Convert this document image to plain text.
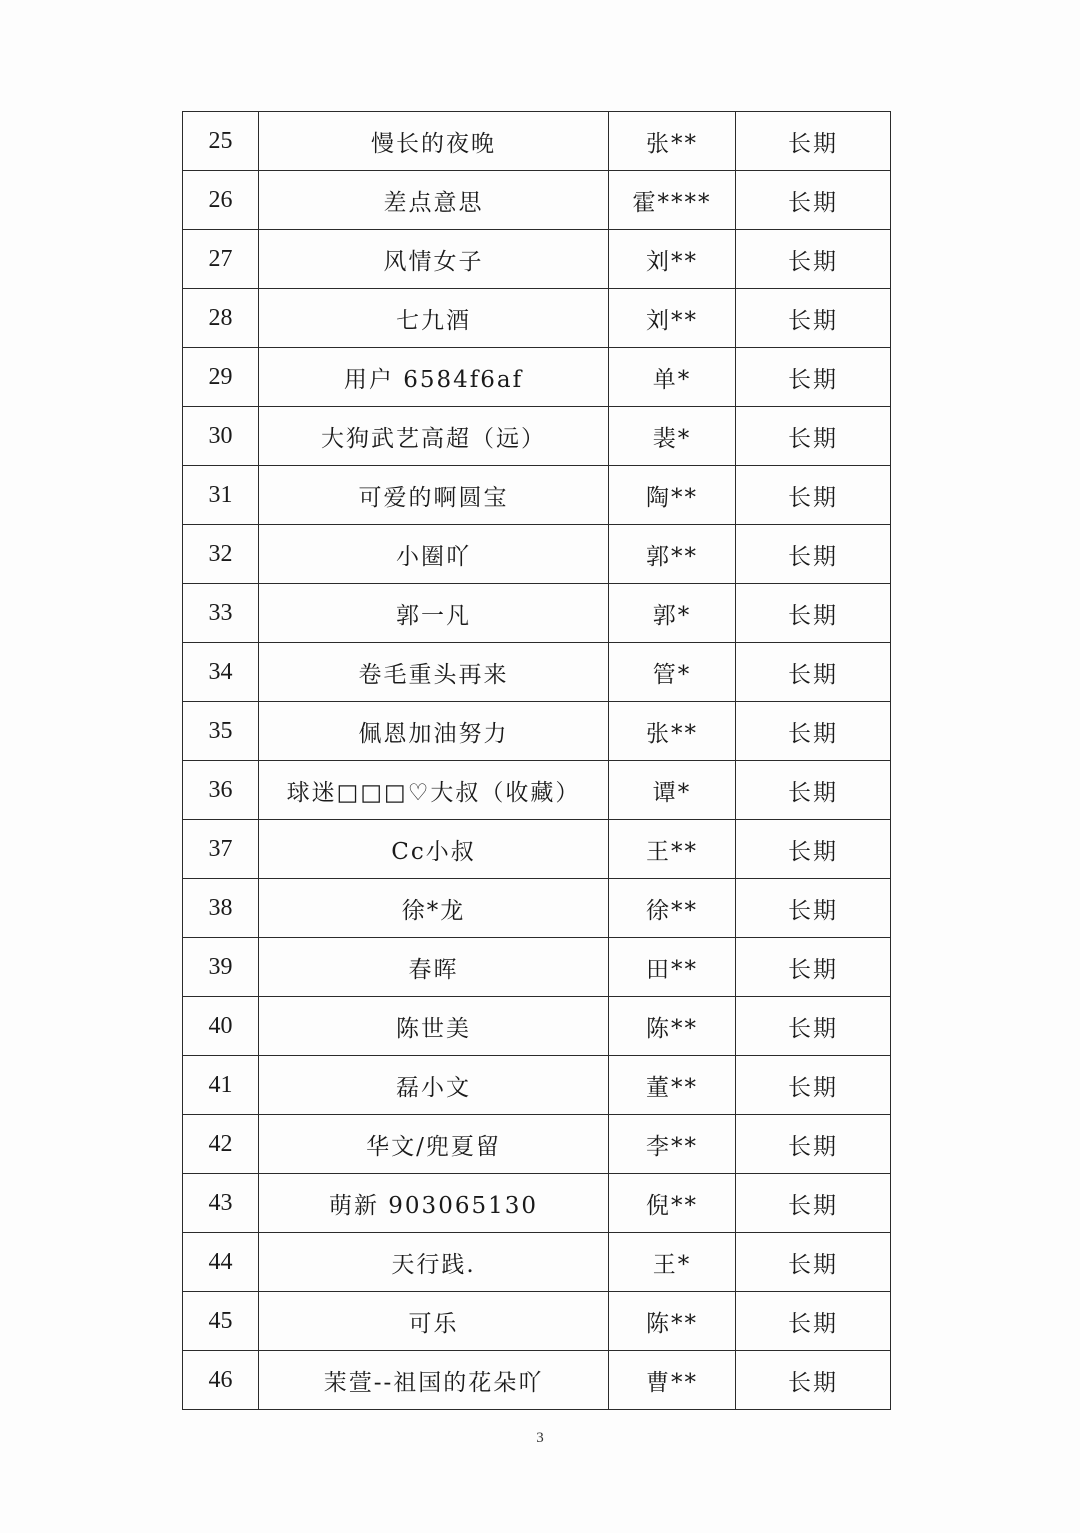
25	慢长的夜晚	张**	长期
26	差点意思	霍****	长期
27	风情女子	刘**	长期
28	七九酒	刘**	长期
29	用户 6584f6af	单*	长期
30	大狗武艺高超（远）	裴*	长期
31	可爱的啊圆宝	陶**	长期
32	小圈吖	郭**	长期
33	郭一凡	郭*	长期
34	卷毛重头再来	管*	长期
35	佩恩加油努力	张**	长期
36	球迷□□□♡大叔（收藏）	谭*	长期
37	Cc小叔	王**	长期
38	徐*龙	徐**	长期
39	春晖	田**	长期
40	陈世美	陈**	长期
41	磊小文	董**	长期
42	华文/兜夏留	李**	长期
43	萌新 903065130	倪**	长期
44	天行践.	王*	长期
45	可乐	陈**	长期
46	茉萱--祖国的花朵吖	曹**	长期
3
